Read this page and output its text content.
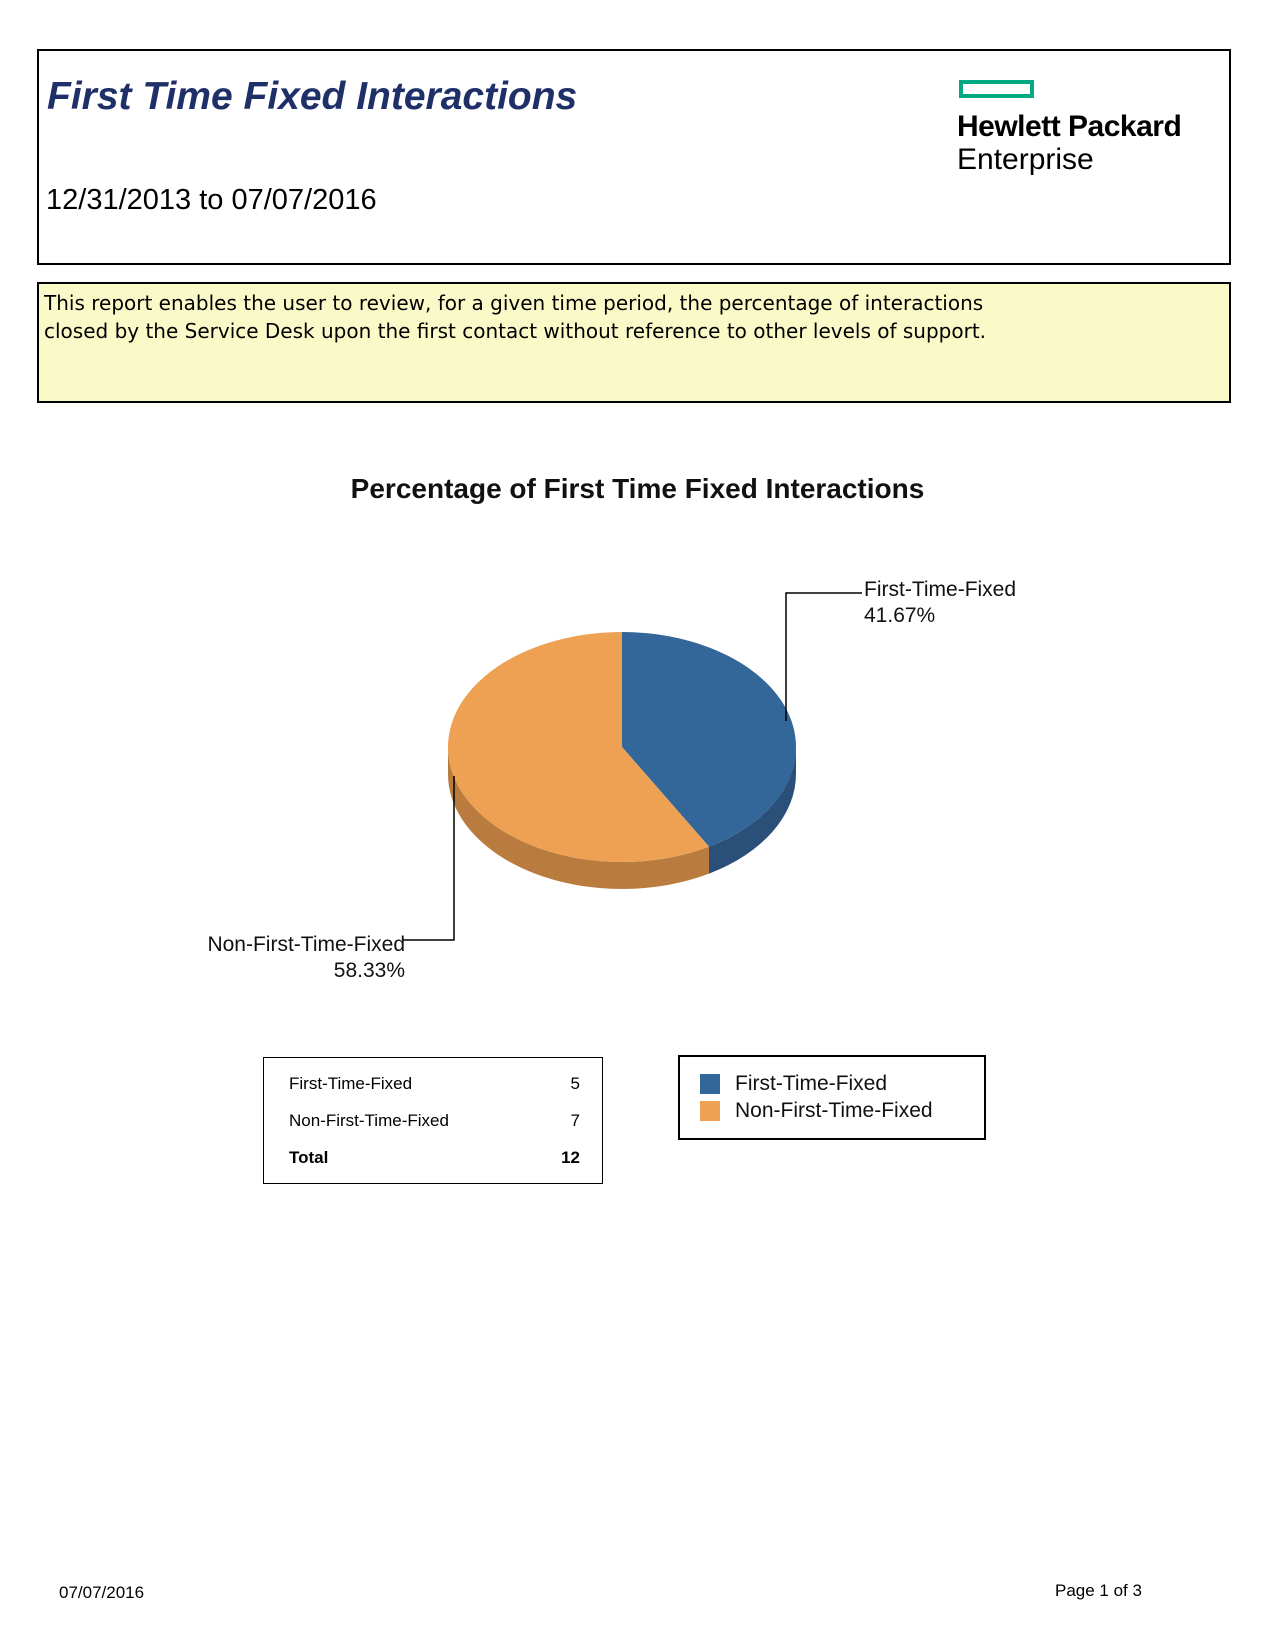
First Time Fixed Interactions
12/31/2013 to 07/07/2016
Hewlett Packard
Enterprise
This report enables the user to review, for a given time period, the percentage of interactions closed by the Service Desk upon the first contact without reference to other levels of support.
Percentage of First Time Fixed Interactions
First-Time-Fixed
41.67%
Non-First-Time-Fixed
58.33%
First-Time-Fixed	5
Non-First-Time-Fixed	7
Total	12
First-Time-Fixed
Non-First-Time-Fixed
07/07/2016	Page 1 of 3
